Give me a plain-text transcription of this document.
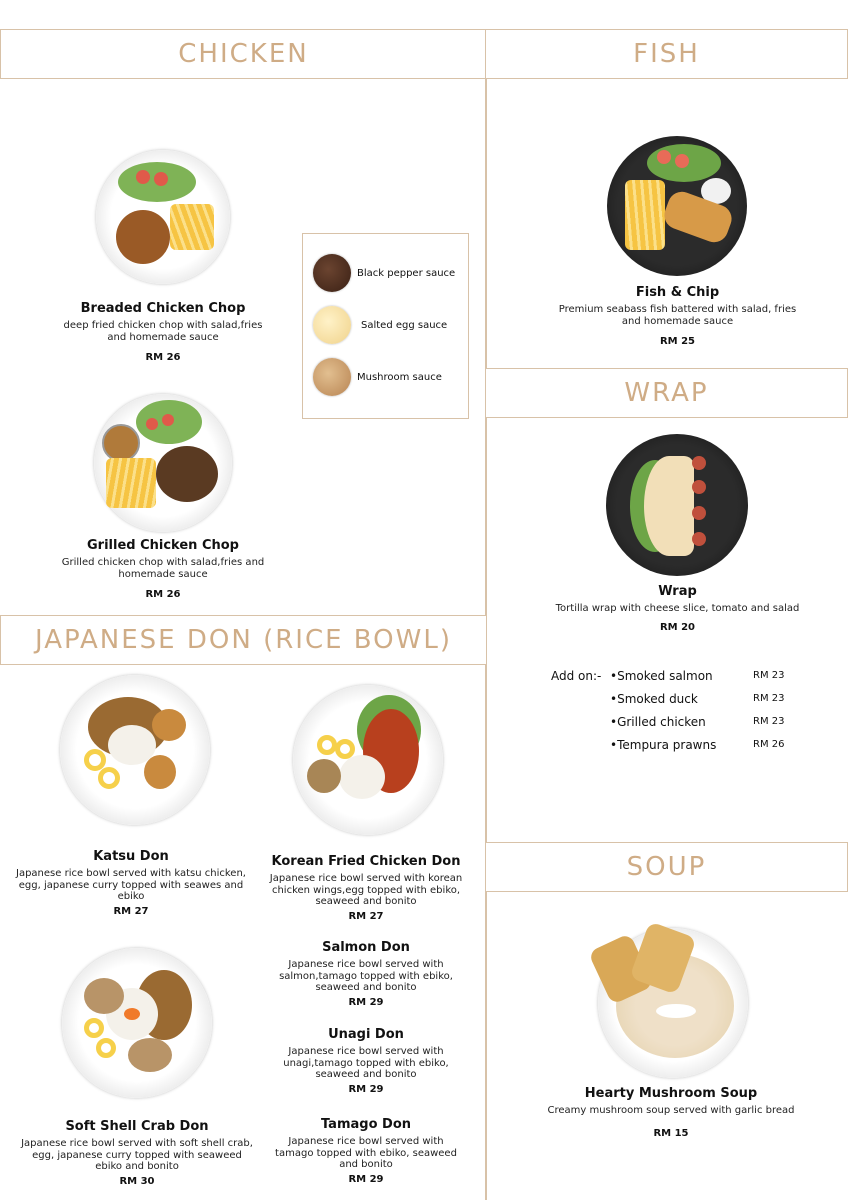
CHICKEN	FISH
WRAP
JAPANESE DON (RICE BOWL)
SOUP
Breaded Chicken Chop
deep fried chicken chop with salad,fries and homemade sauce
RM 26
Grilled Chicken Chop
Grilled chicken chop with salad,fries and homemade sauce
RM 26
Black pepper sauce
Salted egg sauce
Mushroom sauce
Fish & Chip
Premium seabass fish battered with salad, fries and homemade sauce
RM 25
Wrap
Tortilla wrap with cheese slice, tomato and salad
RM 20
Add on:- •Smoked salmon	RM 23
•Smoked duck	RM 23
•Grilled chicken	RM 23
•Tempura prawns	RM 26
Katsu Don
Japanese rice bowl served with katsu chicken, egg, japanese curry topped with seawes and ebiko
RM 27
Korean Fried Chicken Don
Japanese rice bowl served with korean chicken wings,egg topped with ebiko, seaweed and bonito
RM 27
Salmon Don
Japanese rice bowl served with salmon,tamago topped with ebiko, seaweed and bonito
RM 29
Unagi Don
Japanese rice bowl served with unagi,tamago topped with ebiko, seaweed and bonito
RM 29
Tamago Don
Japanese rice bowl served with tamago topped with ebiko, seaweed and bonito
RM 29
Soft Shell Crab Don
Japanese rice bowl served with soft shell crab, egg, japanese curry topped with seaweed ebiko and bonito
RM 30
Hearty Mushroom Soup
Creamy mushroom soup served with garlic bread
RM 15
